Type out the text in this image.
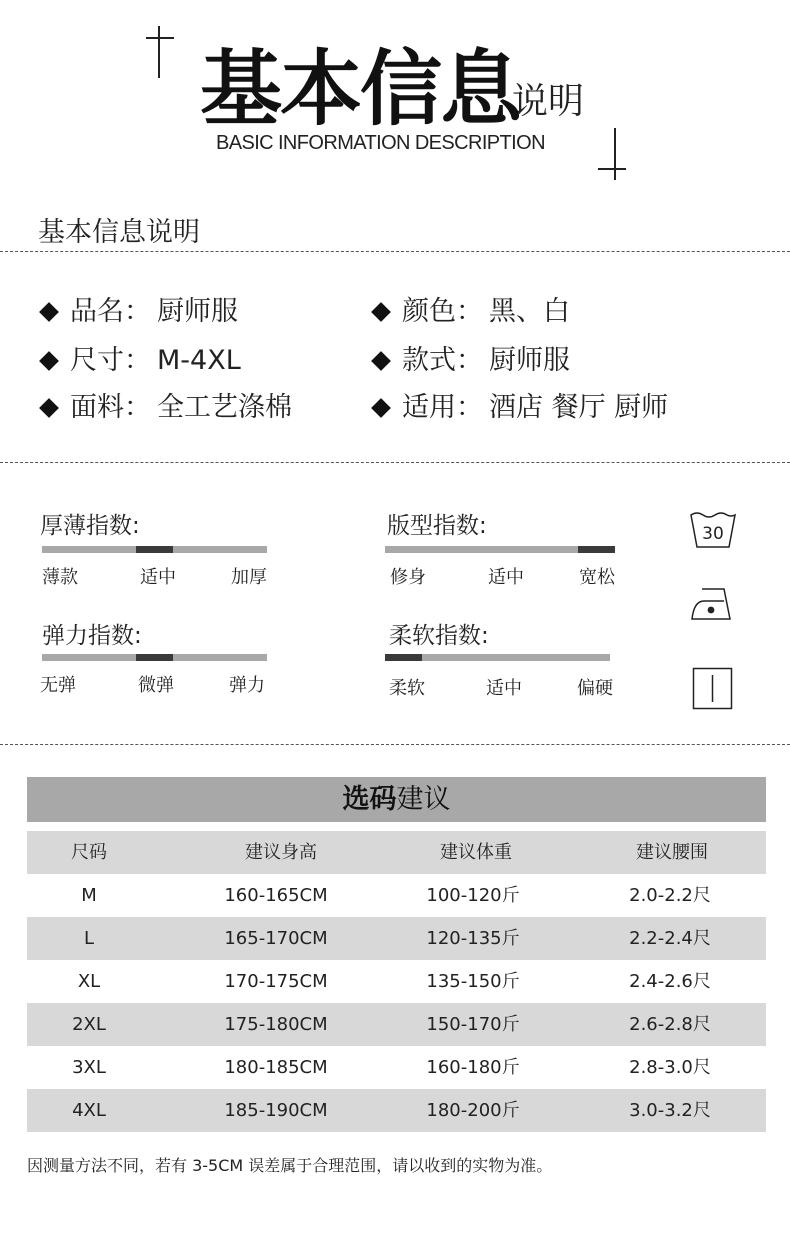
基本信息
说明
BASIC INFORMATION DESCRIPTION
基本信息说明
品名： 厨师服	颜色： 黑、白
尺寸： M-4XL	款式： 厨师服
面料： 全工艺涤棉	适用： 酒店 餐厅 厨师
厚薄指数:
薄款	适中	加厚
版型指数:
修身	适中	宽松
弹力指数:
无弹	微弹	弹力
柔软指数:
柔软	适中	偏硬
30
选码建议
尺码	建议身高	建议体重	建议腰围
M	160-165CM	100-120斤	2.0-2.2尺
L	165-170CM	120-135斤	2.2-2.4尺
XL	170-175CM	135-150斤	2.4-2.6尺
2XL	175-180CM	150-170斤	2.6-2.8尺
3XL	180-185CM	160-180斤	2.8-3.0尺
4XL	185-190CM	180-200斤	3.0-3.2尺
因测量方法不同，若有 3-5CM 误差属于合理范围，请以收到的实物为准。
